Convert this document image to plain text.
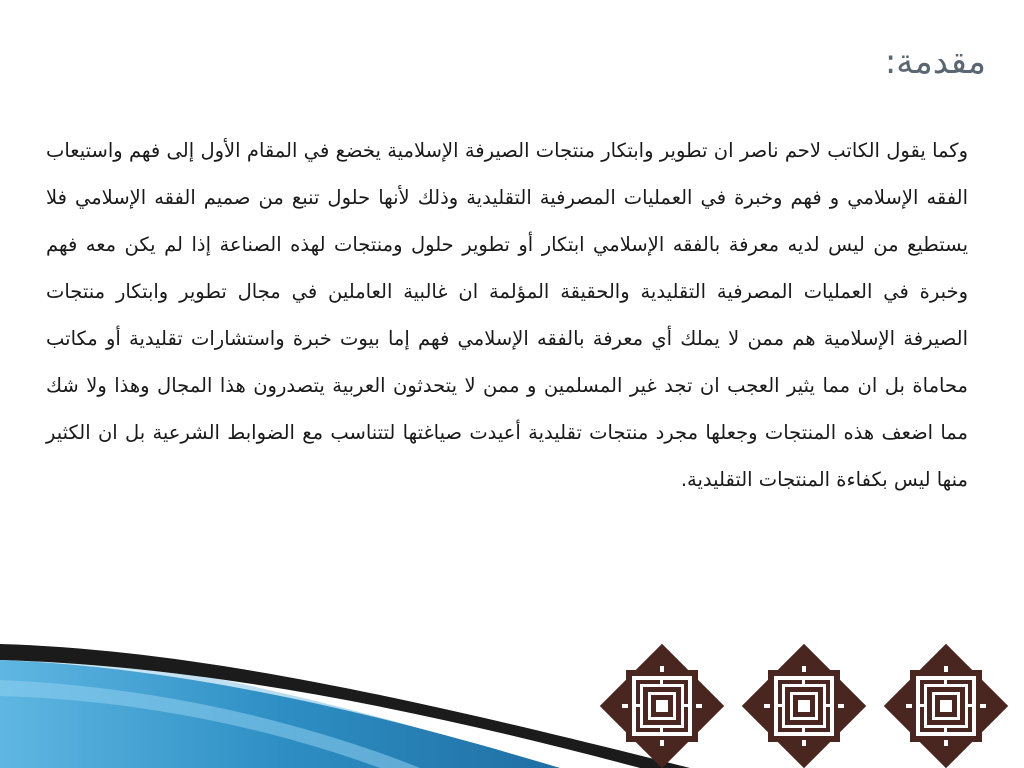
مقدمة:

وكما يقول الكاتب لاحم ناصر ان تطوير وابتكار منتجات الصيرفة الإسلامية يخضع في المقام الأول إلى فهم واستيعاب الفقه الإسلامي و فهم وخبرة في العمليات المصرفية التقليدية وذلك لأنها حلول تنبع من صميم الفقه الإسلامي فلا يستطيع من ليس لديه معرفة بالفقه الإسلامي ابتكار أو تطوير حلول ومنتجات لهذه الصناعة إذا لم يكن معه فهم وخبرة في العمليات المصرفية التقليدية والحقيقة المؤلمة ان غالبية العاملين في مجال تطوير وابتكار منتجات الصيرفة الإسلامية هم ممن لا يملك أي معرفة بالفقه الإسلامي فهم إما بيوت خبرة واستشارات تقليدية أو مكاتب محاماة بل ان مما يثير العجب ان تجد غير المسلمين و ممن لا يتحدثون العربية يتصدرون هذا المجال وهذا ولا شك مما اضعف هذه المنتجات وجعلها مجرد منتجات تقليدية أعيدت صياغتها لتتناسب مع الضوابط الشرعية بل ان الكثير منها ليس بكفاءة المنتجات التقليدية.
